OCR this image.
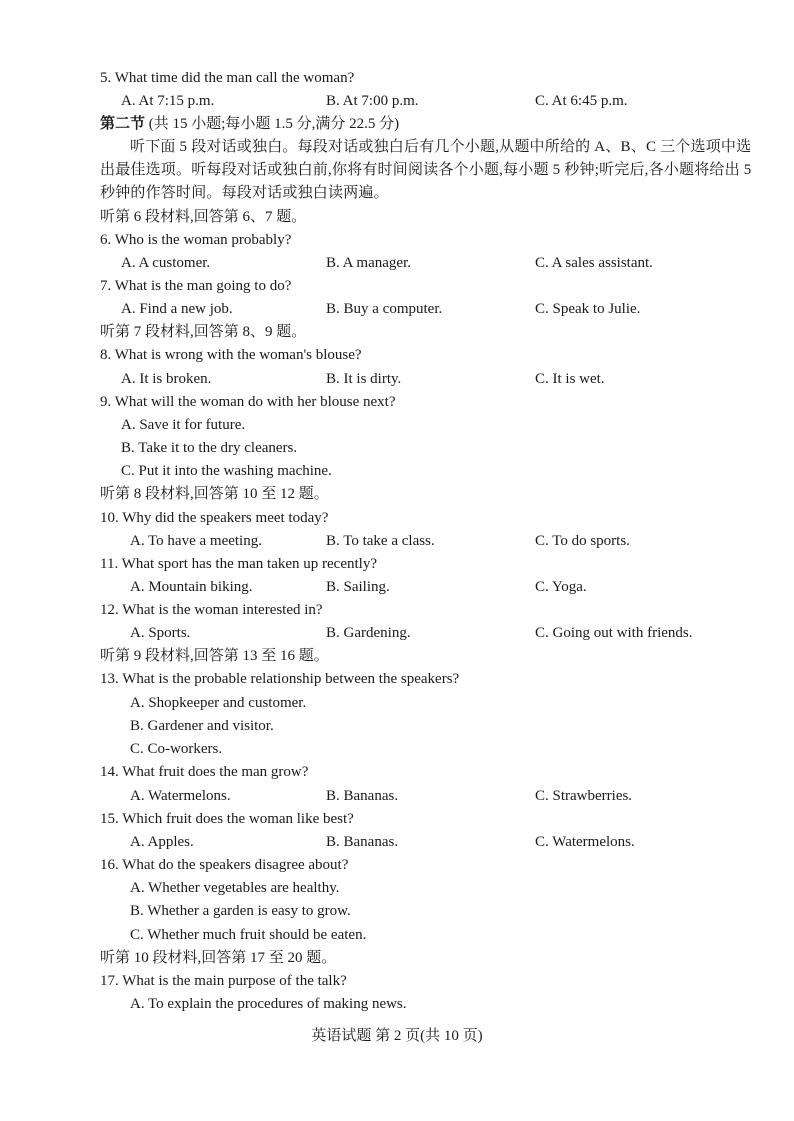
5. What time did the man call the woman?
A. At 7:15 p.m.	B. At 7:00 p.m.	C. At 6:45 p.m.
第二节 (共 15 小题;每小题 1.5 分,满分 22.5 分)
听下面 5 段对话或独白。每段对话或独白后有几个小题,从题中所给的 A、B、C 三个选项中选出最佳选项。听每段对话或独白前,你将有时间阅读各个小题,每小题 5 秒钟;听完后,各小题将给出 5 秒钟的作答时间。每段对话或独白读两遍。
听第 6 段材料,回答第 6、7 题。
6. Who is the woman probably?
A. A customer.	B. A manager.	C. A sales assistant.
7. What is the man going to do?
A. Find a new job.	B. Buy a computer.	C. Speak to Julie.
听第 7 段材料,回答第 8、9 题。
8. What is wrong with the woman's blouse?
A. It is broken.	B. It is dirty.	C. It is wet.
9. What will the woman do with her blouse next?
A. Save it for future.
B. Take it to the dry cleaners.
C. Put it into the washing machine.
听第 8 段材料,回答第 10 至 12 题。
10. Why did the speakers meet today?
A. To have a meeting.	B. To take a class.	C. To do sports.
11. What sport has the man taken up recently?
A. Mountain biking.	B. Sailing.	C. Yoga.
12. What is the woman interested in?
A. Sports.	B. Gardening.	C. Going out with friends.
听第 9 段材料,回答第 13 至 16 题。
13. What is the probable relationship between the speakers?
A. Shopkeeper and customer.
B. Gardener and visitor.
C. Co-workers.
14. What fruit does the man grow?
A. Watermelons.	B. Bananas.	C. Strawberries.
15. Which fruit does the woman like best?
A. Apples.	B. Bananas.	C. Watermelons.
16. What do the speakers disagree about?
A. Whether vegetables are healthy.
B. Whether a garden is easy to grow.
C. Whether much fruit should be eaten.
听第 10 段材料,回答第 17 至 20 题。
17. What is the main purpose of the talk?
A. To explain the procedures of making news.
英语试题 第 2 页(共 10 页)
